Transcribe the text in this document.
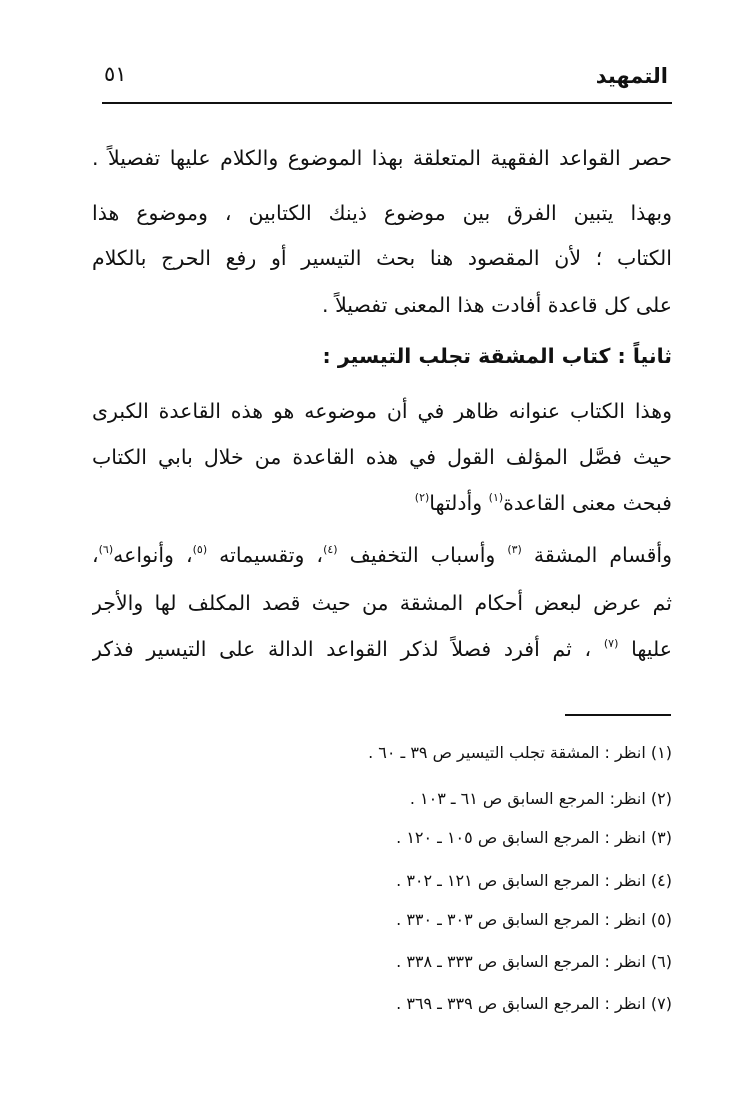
التمهيد
٥١
حصر القواعد الفقهية المتعلقة بهذا الموضوع والكلام عليها تفصيلاً .
وبهذا يتبين الفرق بين موضوع ذينك الكتابين ، وموضوع هذا
الكتاب ؛ لأن المقصود هنا بحث التيسير أو رفع الحرج بالكلام
على كل قاعدة أفادت هذا المعنى تفصيلاً .
ثانياً : كتاب المشقة تجلب التيسير :
وهذا الكتاب عنوانه ظاهر في أن موضوعه هو هذه القاعدة الكبرى
حيث فصَّل المؤلف القول في هذه القاعدة من خلال بابي الكتاب
فبحث معنى القاعدة$^{(١)}$ وأدلتها$^{(٢)}$
وأقسام المشقة $^{(٣)}$ وأسباب التخفيف $^{(٤)}$، وتقسيماته $^{(٥)}$، وأنواعه$^{(٦)}$،
ثم عرض لبعض أحكام المشقة من حيث قصد المكلف لها والأجر
عليها $^{(٧)}$ ، ثم أفرد فصلاً لذكر القواعد الدالة على التيسير فذكر
(١) انظر : المشقة تجلب التيسير ص ٣٩ ـ ٦٠ .
(٢) انظر: المرجع السابق ص ٦١ ـ ١٠٣ .
(٣) انظر : المرجع السابق ص ١٠٥ ـ ١٢٠ .
(٤) انظر : المرجع السابق ص ١٢١ ـ ٣٠٢ .
(٥) انظر : المرجع السابق ص ٣٠٣ ـ ٣٣٠ .
(٦) انظر : المرجع السابق ص ٣٣٣ ـ ٣٣٨ .
(٧) انظر : المرجع السابق ص ٣٣٩ ـ ٣٦٩ .
